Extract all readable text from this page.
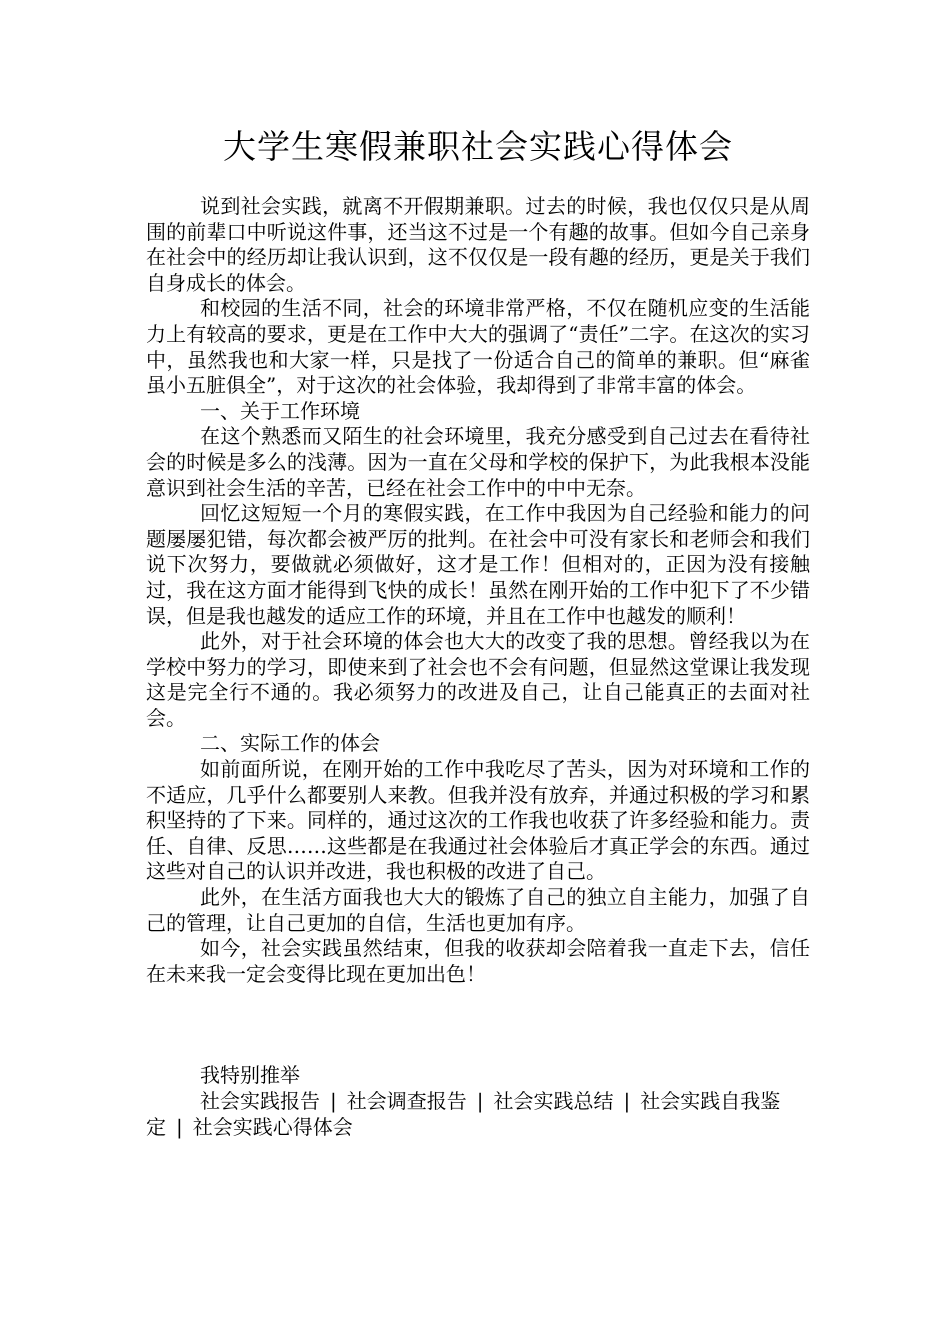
大学生寒假兼职社会实践心得体会

说到社会实践，就离不开假期兼职。过去的时候，我也仅仅只是从周围的前辈口中听说这件事，还当这不过是一个有趣的故事。但如今自己亲身在社会中的经历却让我认识到，这不仅仅是一段有趣的经历，更是关于我们自身成长的体会。

和校园的生活不同，社会的环境非常严格，不仅在随机应变的生活能力上有较高的要求，更是在工作中大大的强调了“责任”二字。在这次的实习中，虽然我也和大家一样，只是找了一份适合自己的简单的兼职。但“麻雀虽小五脏俱全”，对于这次的社会体验，我却得到了非常丰富的体会。

一、关于工作环境

在这个熟悉而又陌生的社会环境里，我充分感受到自己过去在看待社会的时候是多么的浅薄。因为一直在父母和学校的保护下，为此我根本没能意识到社会生活的辛苦，已经在社会工作中的中中无奈。

回忆这短短一个月的寒假实践，在工作中我因为自己经验和能力的问题屡屡犯错，每次都会被严厉的批判。在社会中可没有家长和老师会和我们说下次努力，要做就必须做好，这才是工作！但相对的，正因为没有接触过，我在这方面才能得到飞快的成长！虽然在刚开始的工作中犯下了不少错误，但是我也越发的适应工作的环境，并且在工作中也越发的顺利！

此外，对于社会环境的体会也大大的改变了我的思想。曾经我以为在学校中努力的学习，即使来到了社会也不会有问题，但显然这堂课让我发现这是完全行不通的。我必须努力的改进及自己，让自己能真正的去面对社会。

二、实际工作的体会

如前面所说，在刚开始的工作中我吃尽了苦头，因为对环境和工作的不适应，几乎什么都要别人来教。但我并没有放弃，并通过积极的学习和累积坚持的了下来。同样的，通过这次的工作我也收获了许多经验和能力。责任、自律、反思……这些都是在我通过社会体验后才真正学会的东西。通过这些对自己的认识并改进，我也积极的改进了自己。

此外，在生活方面我也大大的锻炼了自己的独立自主能力，加强了自己的管理，让自己更加的自信，生活也更加有序。

如今，社会实践虽然结束，但我的收获却会陪着我一直走下去，信任在未来我一定会变得比现在更加出色！

我特别推举

社会实践报告 | 社会调查报告 | 社会实践总结 | 社会实践自我鉴定 | 社会实践心得体会
